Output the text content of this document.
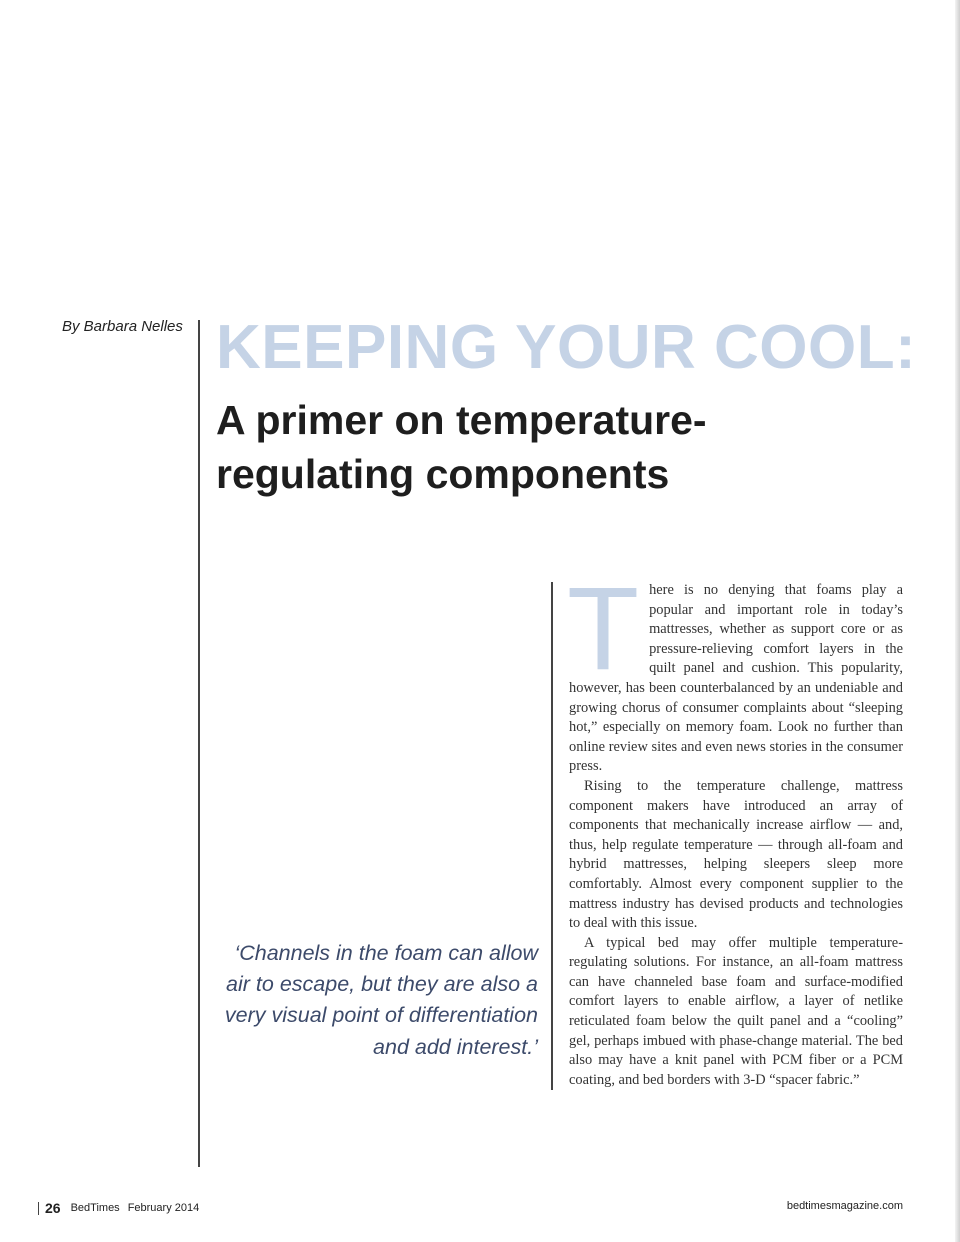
By Barbara Nelles KEEPING YOUR COOL:
A primer on temperature-regulating components

There is no denying that foams play a popular and important role in today’s mattresses, whether as support core or as pressure-relieving comfort layers in the quilt panel and cushion. This popularity, however, has been counterbalanced by an undeniable and growing chorus of consumer complaints about “sleeping hot,” especially on memory foam. Look no further than online review sites and even news stories in the consumer press.

Rising to the temperature challenge, mattress component makers have introduced an array of components that mechanically increase airflow — and, thus, help regulate temperature — through all-foam and hybrid mattresses, helping sleepers sleep more comfortably. Almost every component supplier to the mattress industry has devised products and technologies to deal with this issue.

A typical bed may offer multiple temperature-regulating solutions. For instance, an all-foam mattress can have channeled base foam and surface-modified comfort layers to enable airflow, a layer of netlike reticulated foam below the quilt panel and a “cooling” gel, perhaps imbued with phase-change material. The bed also may have a knit panel with PCM fiber or a PCM coating, and bed borders with 3-D “spacer fabric.”

‘Channels in the foam can allow air to escape, but they are also a very visual point of differentiation and add interest.’
26 BedTimes February 2014	bedtimesmagazine.com
